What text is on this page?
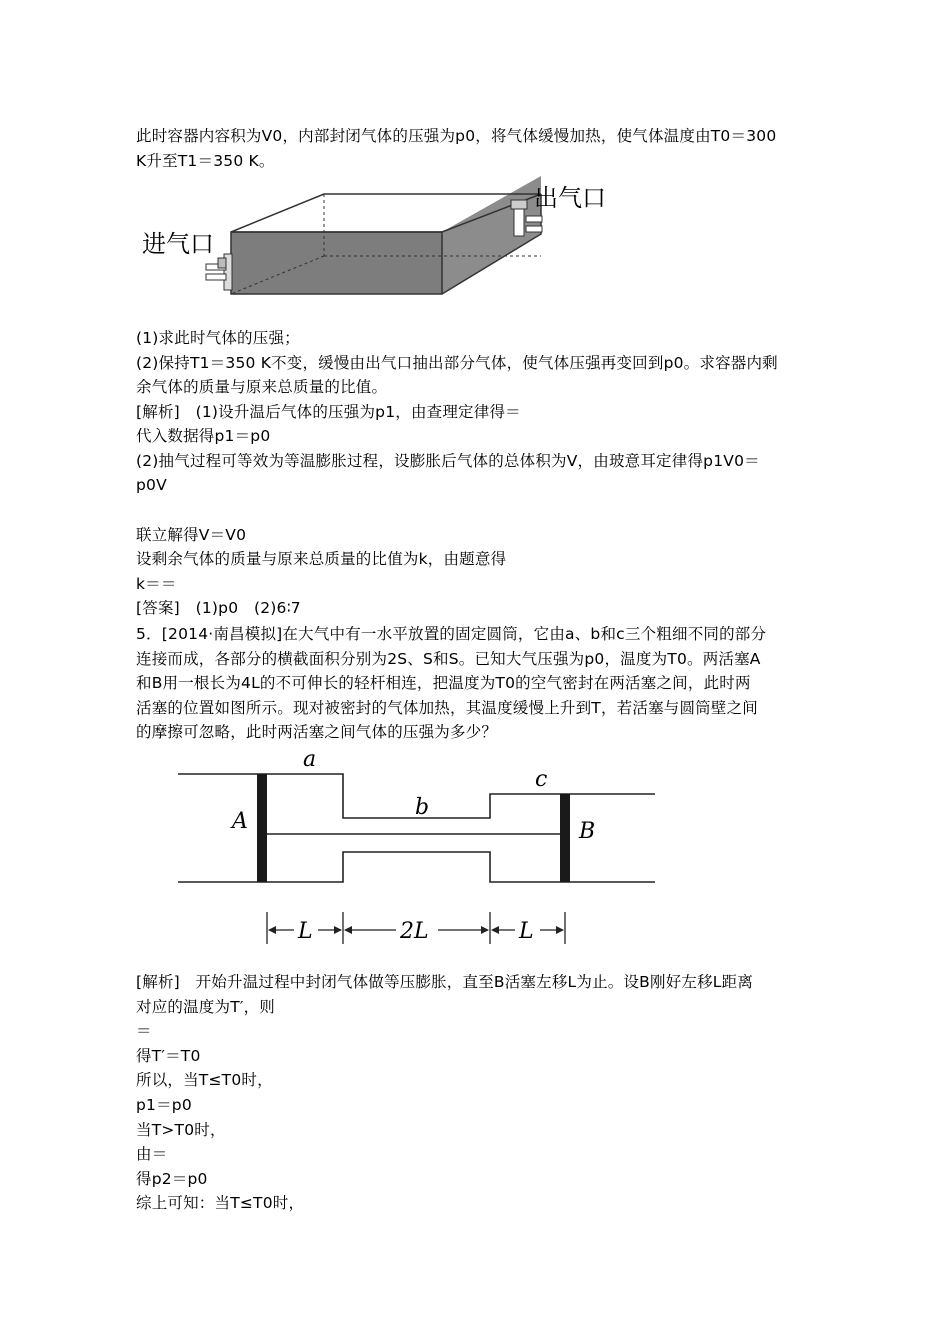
此时容器内容积为V0，内部封闭气体的压强为p0，将气体缓慢加热，使气体温度由T0＝300
K升至T1＝350 K。
进气口
出气口
(1)求此时气体的压强；
(2)保持T1＝350 K不变，缓慢由出气口抽出部分气体，使气体压强再变回到p0。求容器内剩
余气体的质量与原来总质量的比值。
[解析]　(1)设升温后气体的压强为p1，由查理定律得＝
代入数据得p1＝p0
(2)抽气过程可等效为等温膨胀过程，设膨胀后气体的总体积为V，由玻意耳定律得p1V0＝
p0V
联立解得V＝V0
设剩余气体的质量与原来总质量的比值为k，由题意得
k＝＝
[答案]　(1)p0　(2)6∶7
5．[2014·南昌模拟]在大气中有一水平放置的固定圆筒，它由a、b和c三个粗细不同的部分
连接而成，各部分的横截面积分别为2S、S和S。已知大气压强为p0，温度为T0。两活塞A
和B用一根长为4L的不可伸长的轻杆相连，把温度为T0的空气密封在两活塞之间，此时两
活塞的位置如图所示。现对被密封的气体加热，其温度缓慢上升到T，若活塞与圆筒壁之间
的摩擦可忽略，此时两活塞之间气体的压强为多少？
a
b
c
A	B
L	2L	L
[解析]　开始升温过程中封闭气体做等压膨胀，直至B活塞左移L为止。设B刚好左移L距离
对应的温度为T′，则
＝
得T′＝T0
所以，当T≤T0时，
p1＝p0
当T>T0时，
由＝
得p2＝p0
综上可知：当T≤T0时，
